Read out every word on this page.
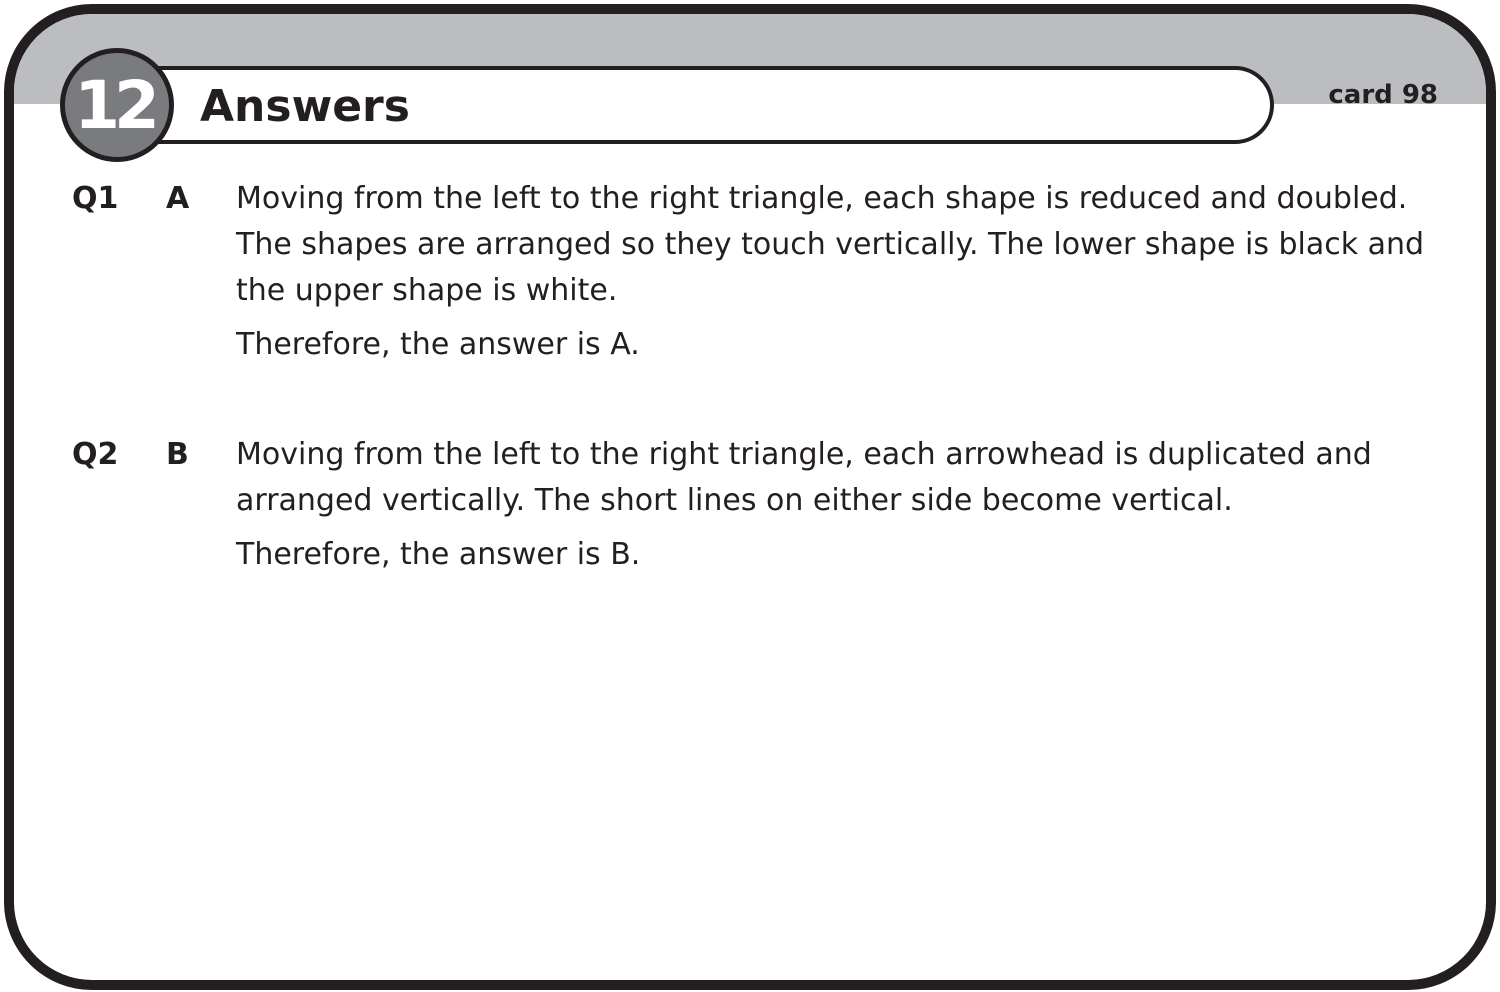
Answers	card 98
12
Q1 A Moving from the left to the right triangle, each shape is reduced and doubled. The shapes are arranged so they touch vertically. The lower shape is black and the upper shape is white.

Therefore, the answer is A.

Q2 B Moving from the left to the right triangle, each arrowhead is duplicated and arranged vertically. The short lines on either side become vertical.

Therefore, the answer is B.
